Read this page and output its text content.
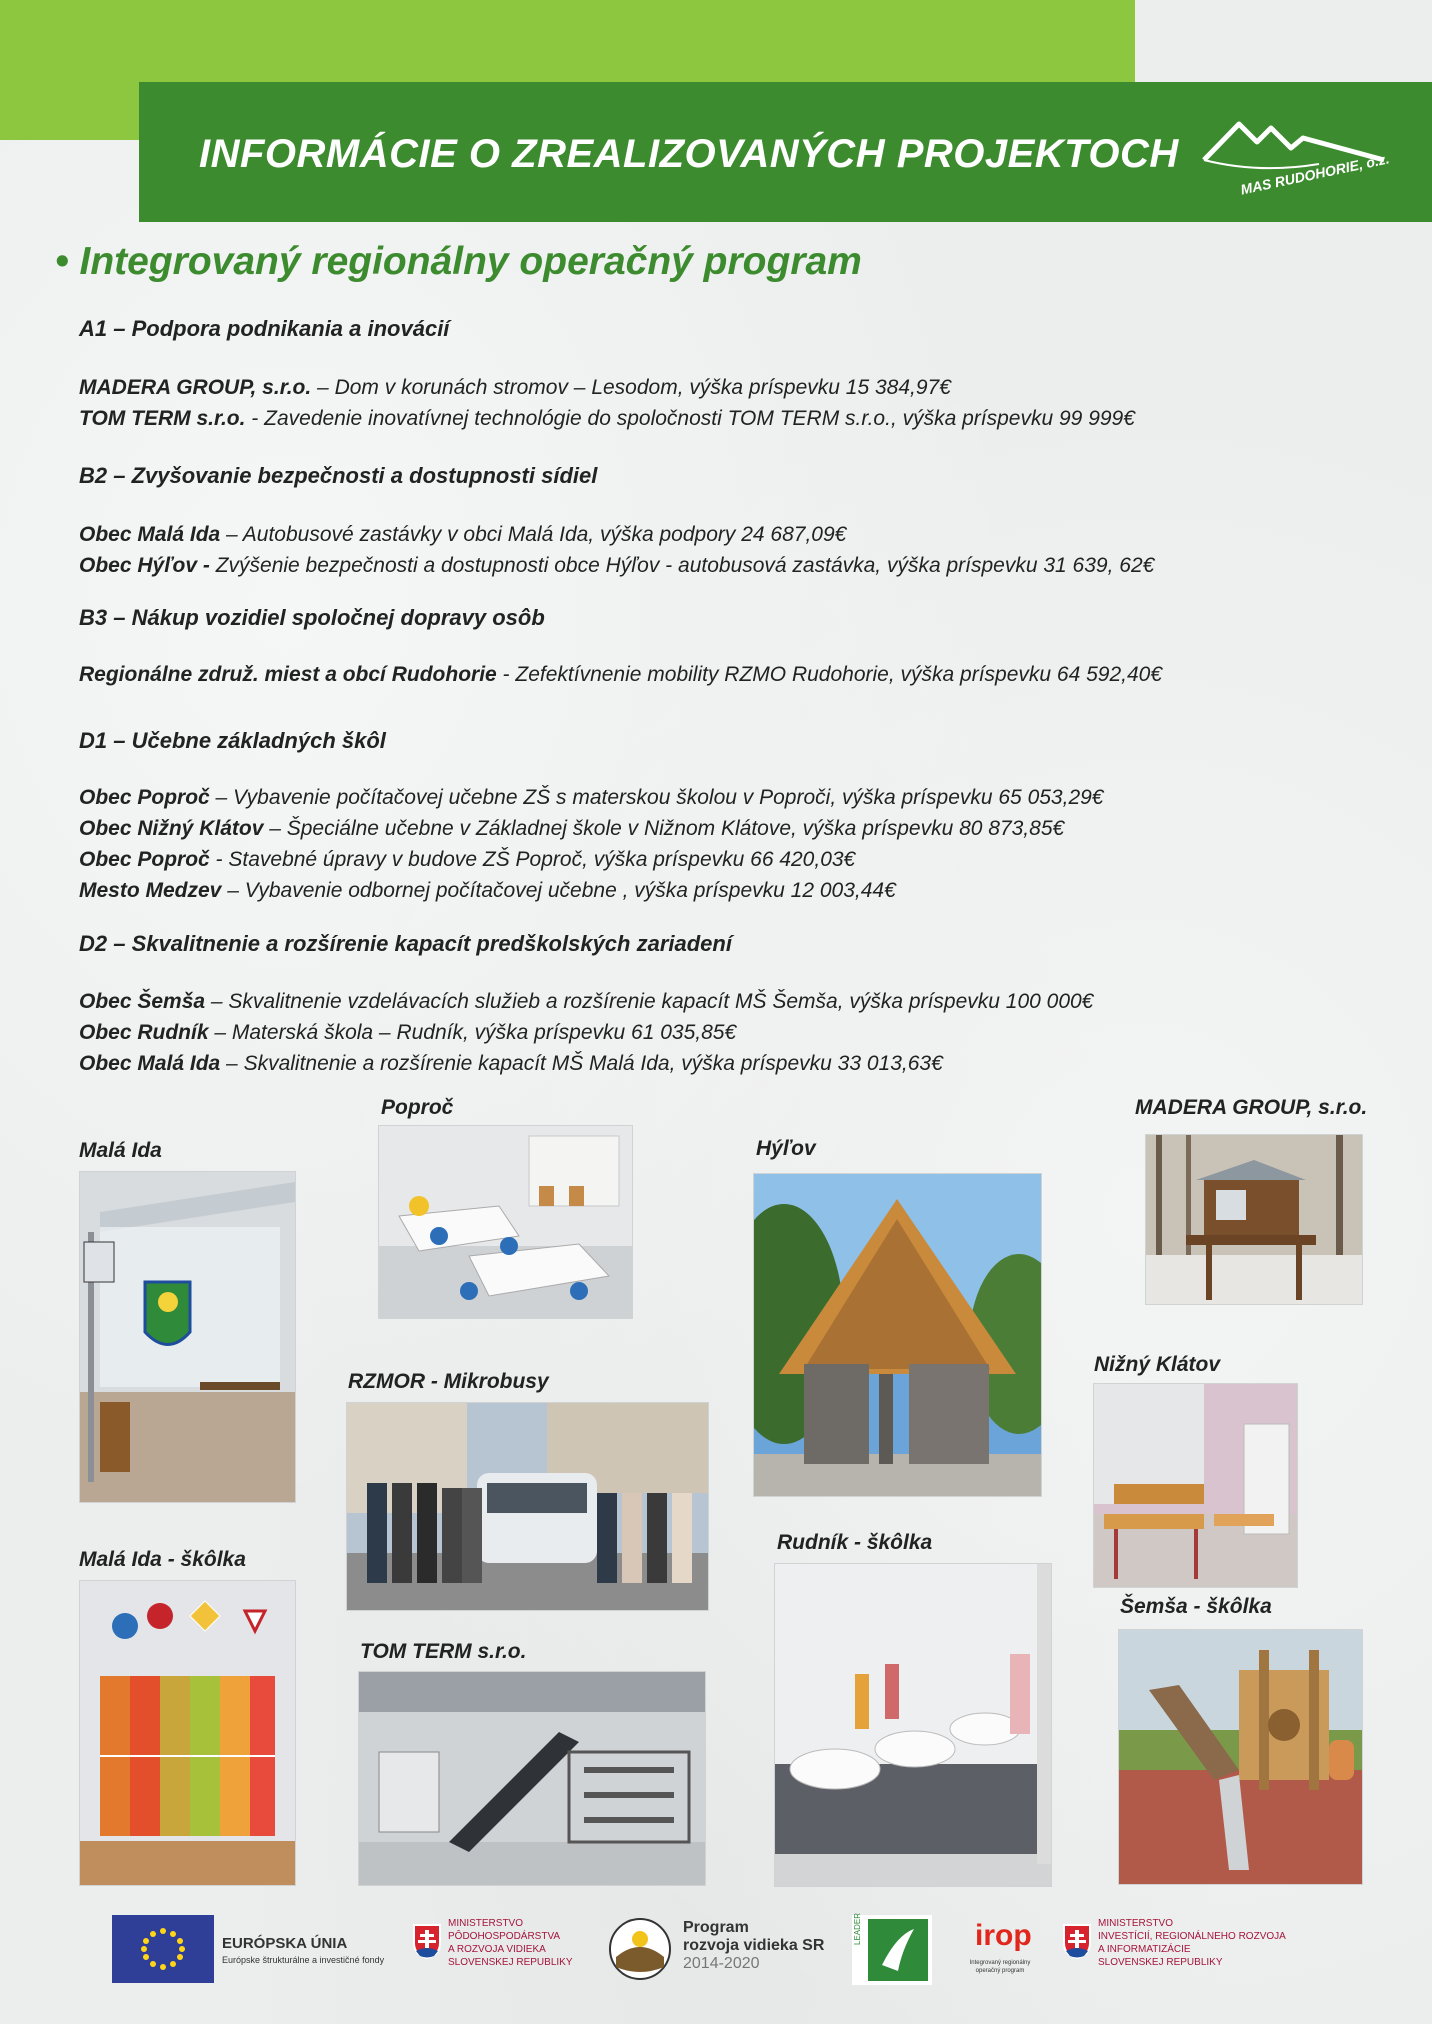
INFORMÁCIE O ZREALIZOVANÝCH PROJEKTOCH	MAS RUDOHORIE, o.z.
• Integrovaný regionálny operačný program
A1 – Podpora podnikania a inovácií
MADERA GROUP, s.r.o. – Dom v korunách stromov – Lesodom, výška príspevku 15 384,97€
TOM TERM s.r.o. - Zavedenie inovatívnej technológie do spoločnosti TOM TERM s.r.o., výška príspevku 99 999€
B2 – Zvyšovanie bezpečnosti a dostupnosti sídiel
Obec Malá Ida – Autobusové zastávky v obci Malá Ida, výška podpory 24 687,09€
Obec Hýľov - Zvýšenie bezpečnosti a dostupnosti obce Hýľov - autobusová zastávka, výška príspevku 31 639, 62€
B3 – Nákup vozidiel spoločnej dopravy osôb
Regionálne združ. miest a obcí Rudohorie - Zefektívnenie mobility RZMO Rudohorie, výška príspevku 64 592,40€
D1 – Učebne základných škôl
Obec Poproč – Vybavenie počítačovej učebne ZŠ s materskou školou v Poproči, výška príspevku 65 053,29€
Obec Nižný Klátov – Špeciálne učebne v Základnej škole v Nižnom Klátove, výška príspevku 80 873,85€
Obec Poproč - Stavebné úpravy v budove ZŠ Poproč, výška príspevku 66 420,03€
Mesto Medzev – Vybavenie odbornej počítačovej učebne , výška príspevku 12 003,44€
D2 – Skvalitnenie a rozšírenie kapacít predškolských zariadení
Obec Šemša – Skvalitnenie vzdelávacích služieb a rozšírenie kapacít MŠ Šemša, výška príspevku 100 000€
Obec Rudník – Materská škola – Rudník, výška príspevku 61 035,85€
Obec Malá Ida – Skvalitnenie a rozšírenie kapacít MŠ Malá Ida, výška príspevku 33 013,63€
Malá Ida
Poproč
Hýľov
MADERA GROUP, s.r.o.
RZMOR - Mikrobusy
Nižný Klátov
Malá Ida - škôlka
TOM TERM s.r.o.
Rudník - škôlka
Šemša - škôlka
EURÓPSKA ÚNIA
Európske štrukturálne a investičné fondy
MINISTERSTVO
PÔDOHOSPODÁRSTVA
A ROZVOJA VIDIEKA
SLOVENSKEJ REPUBLIKY
Program
rozvoja vidieka SR
2014-2020
LEADER	irop
Integrovaný regionálny
operačný program
MINISTERSTVO
INVESTÍCIÍ, REGIONÁLNEHO ROZVOJA
A INFORMATIZÁCIE
SLOVENSKEJ REPUBLIKY
